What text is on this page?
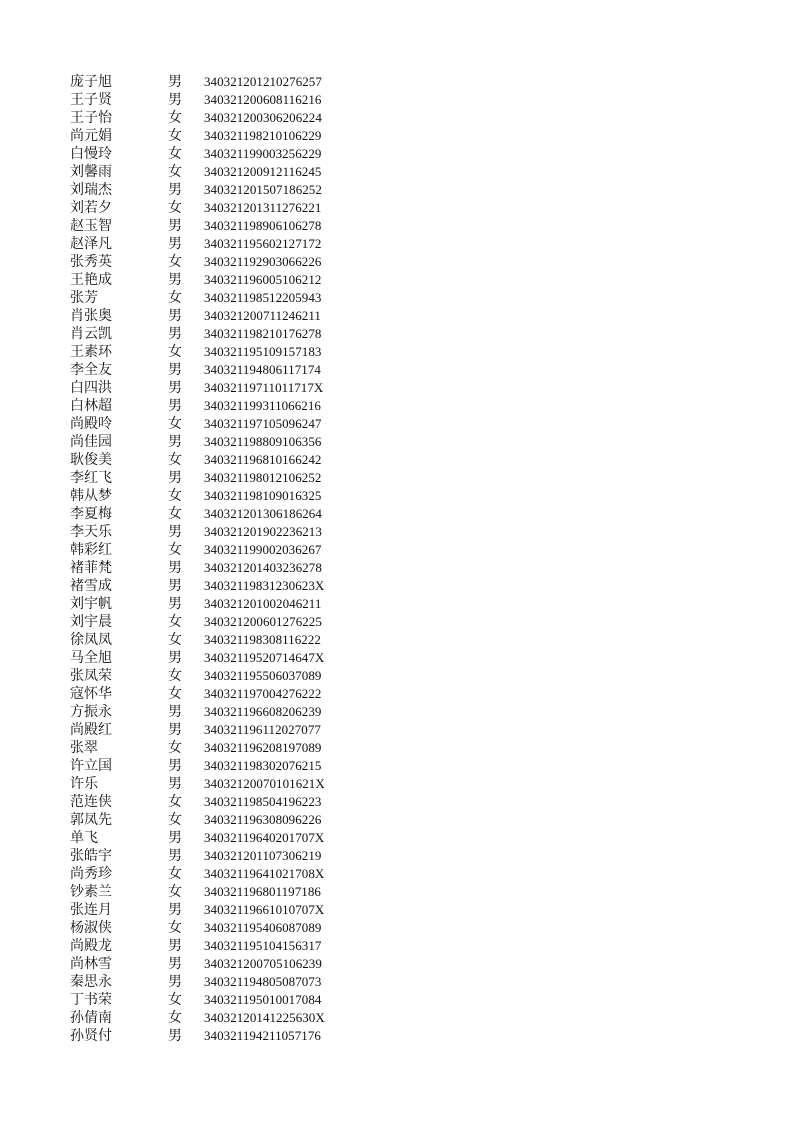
庞子旭	男	340321201210276257
王子贤	男	340321200608116216
王子怡	女	340321200306206224
尚元娟	女	340321198210106229
白慢玲	女	340321199003256229
刘馨雨	女	340321200912116245
刘瑞杰	男	340321201507186252
刘若夕	女	340321201311276221
赵玉智	男	340321198906106278
赵泽凡	男	340321195602127172
张秀英	女	340321192903066226
王艳成	男	340321196005106212
张芳	女	340321198512205943
肖张奥	男	340321200711246211
肖云凯	男	340321198210176278
王素环	女	340321195109157183
李全友	男	340321194806117174
白四洪	男	34032119711011717X
白林超	男	340321199311066216
尚殿呤	女	340321197105096247
尚佳园	男	340321198809106356
耿俊美	女	340321196810166242
李红飞	男	340321198012106252
韩从梦	女	340321198109016325
李夏梅	女	340321201306186264
李天乐	男	340321201902236213
韩彩红	女	340321199002036267
褚菲梵	男	340321201403236278
褚雪成	男	34032119831230623X
刘宇帆	男	340321201002046211
刘宇晨	女	340321200601276225
徐凤凤	女	340321198308116222
马全旭	男	34032119520714647X
张凤荣	女	340321195506037089
寇怀华	女	340321197004276222
方振永	男	340321196608206239
尚殿红	男	340321196112027077
张翠	女	340321196208197089
许立国	男	340321198302076215
许乐	男	34032120070101621X
范连侠	女	340321198504196223
郭凤先	女	340321196308096226
单飞	男	34032119640201707X
张皓宇	男	340321201107306219
尚秀珍	女	34032119641021708X
钞素兰	女	340321196801197186
张连月	男	34032119661010707X
杨淑侠	女	340321195406087089
尚殿龙	男	340321195104156317
尚林雪	男	340321200705106239
秦思永	男	340321194805087073
丁书荣	女	340321195010017084
孙倩南	女	34032120141225630X
孙贤付	男	340321194211057176
